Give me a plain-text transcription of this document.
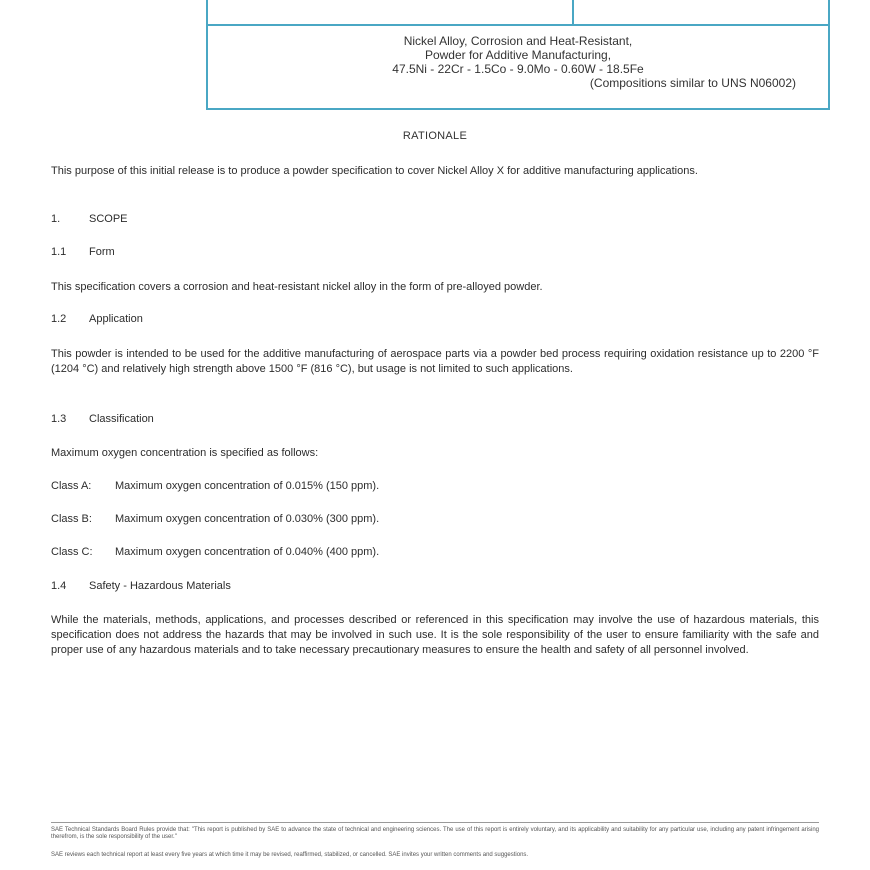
Nickel Alloy, Corrosion and Heat-Resistant,
Powder for Additive Manufacturing,
47.5Ni - 22Cr - 1.5Co - 9.0Mo - 0.60W - 18.5Fe
(Compositions similar to UNS N06002)
RATIONALE
This purpose of this initial release is to produce a powder specification to cover Nickel Alloy X for additive manufacturing applications.
1.	SCOPE
1.1 Form
This specification covers a corrosion and heat-resistant nickel alloy in the form of pre-alloyed powder.
1.2 Application
This powder is intended to be used for the additive manufacturing of aerospace parts via a powder bed process requiring oxidation resistance up to 2200 °F (1204 °C) and relatively high strength above 1500 °F (816 °C), but usage is not limited to such applications.
1.3 Classification
Maximum oxygen concentration is specified as follows:
Class A: Maximum oxygen concentration of 0.015% (150 ppm).
Class B: Maximum oxygen concentration of 0.030% (300 ppm).
Class C: Maximum oxygen concentration of 0.040% (400 ppm).
1.4 Safety - Hazardous Materials
While the materials, methods, applications, and processes described or referenced in this specification may involve the use of hazardous materials, this specification does not address the hazards that may be involved in such use. It is the sole responsibility of the user to ensure familiarity with the safe and proper use of any hazardous materials and to take necessary precautionary measures to ensure the health and safety of all personnel involved.
SAE Technical Standards Board Rules provide that: "This report is published by SAE to advance the state of technical and engineering sciences. The use of this report is entirely voluntary, and its applicability and suitability for any particular use, including any patent infringement arising therefrom, is the sole responsibility of the user."
SAE reviews each technical report at least every five years at which time it may be revised, reaffirmed, stabilized, or cancelled. SAE invites your written comments and suggestions.
